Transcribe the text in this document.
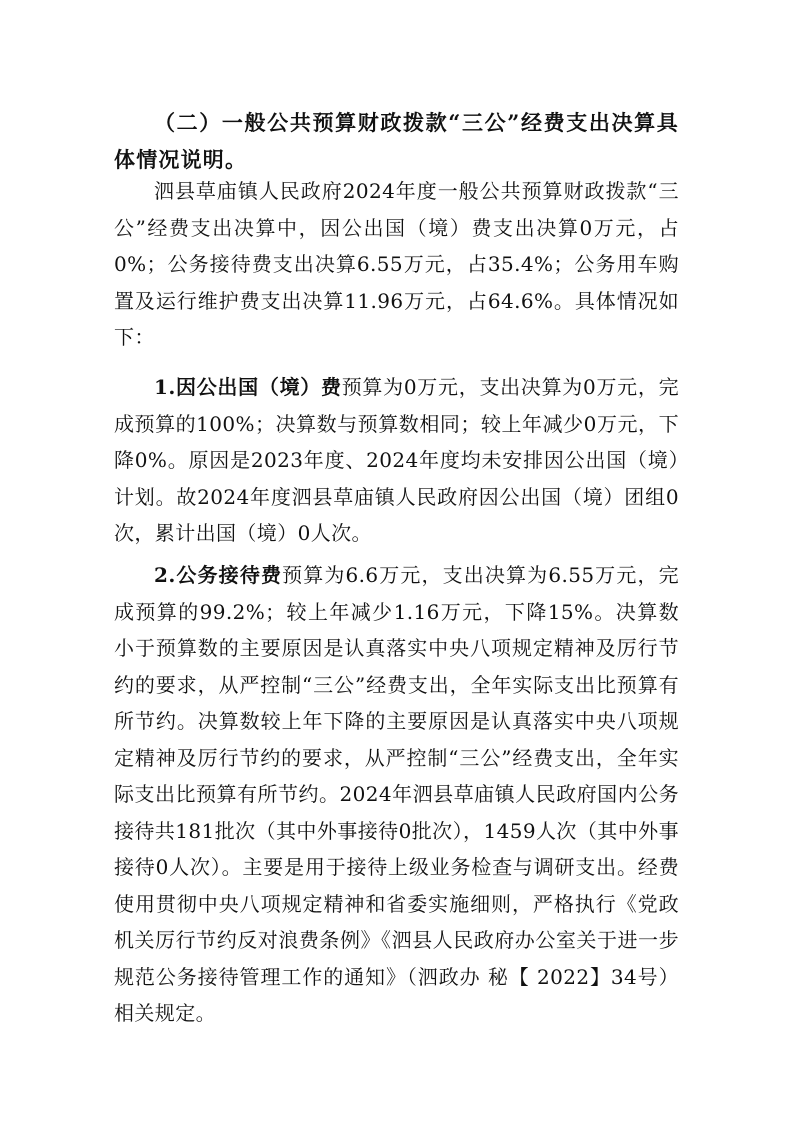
（二）一般公共预算财政拨款“三公”经费支出决算具体情况说明。
泗县草庙镇人民政府2024年度一般公共预算财政拨款“三公”经费支出决算中，因公出国（境）费支出决算0万元，占0%；公务接待费支出决算6.55万元，占35.4%；公务用车购置及运行维护费支出决算11.96万元，占64.6%。具体情况如下：
1.因公出国（境）费预算为0万元，支出决算为0万元，完成预算的100%；决算数与预算数相同；较上年减少0万元，下降0%。原因是2023年度、2024年度均未安排因公出国（境）计划。故2024年度泗县草庙镇人民政府因公出国（境）团组0次，累计出国（境）0人次。
2.公务接待费预算为6.6万元，支出决算为6.55万元，完成预算的99.2%；较上年减少1.16万元，下降15%。决算数小于预算数的主要原因是认真落实中央八项规定精神及厉行节约的要求，从严控制“三公”经费支出，全年实际支出比预算有所节约。决算数较上年下降的主要原因是认真落实中央八项规定精神及厉行节约的要求，从严控制“三公”经费支出，全年实际支出比预算有所节约。2024年泗县草庙镇人民政府国内公务接待共181批次（其中外事接待0批次），1459人次（其中外事接待0人次）。主要是用于接待上级业务检查与调研支出。经费使用贯彻中央八项规定精神和省委实施细则，严格执行《党政机关厉行节约反对浪费条例》《泗县人民政府办公室关于进一步规范公务接待管理工作的通知》（泗政办 秘【 2022】34号）相关规定。
